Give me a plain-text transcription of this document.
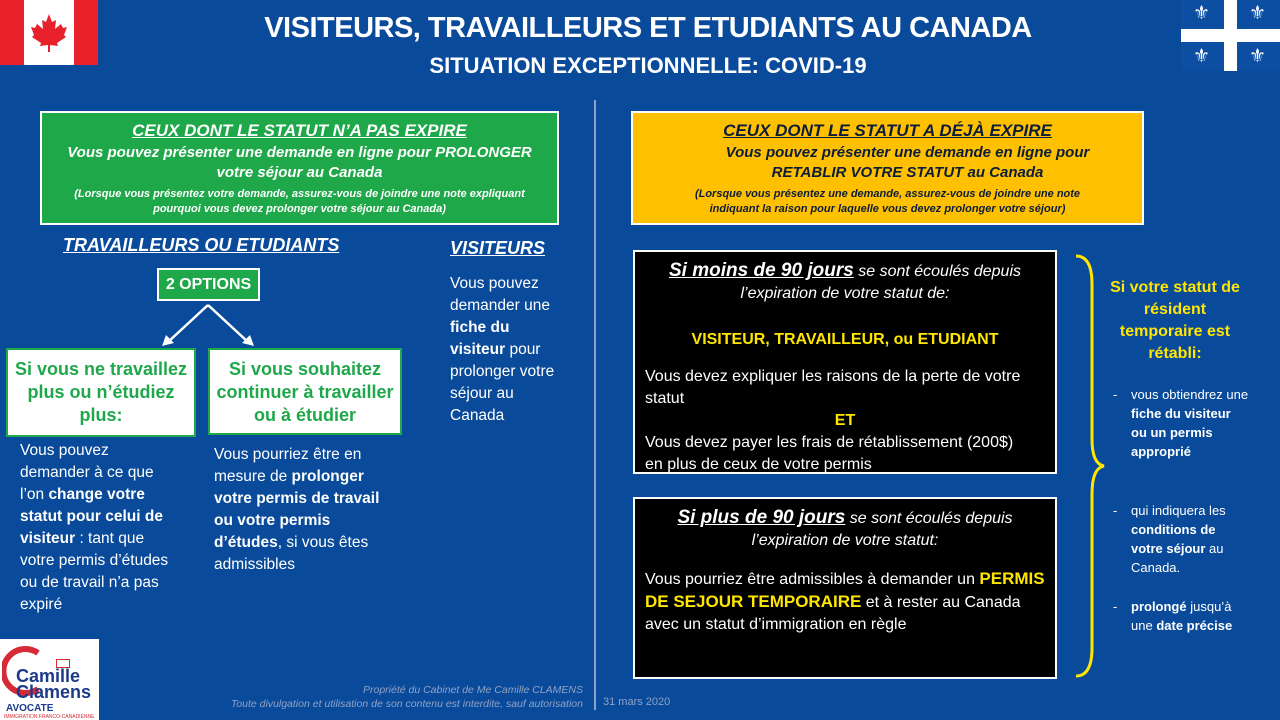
⚜ ⚜
⚜ ⚜
VISITEURS, TRAVAILLEURS ET ETUDIANTS AU CANADA
SITUATION EXCEPTIONNELLE: COVID-19
CEUX DONT LE STATUT N’A PAS EXPIRE
Vous pouvez présenter une demande en ligne pour PROLONGER votre séjour au Canada
(Lorsque vous présentez votre demande, assurez-vous de joindre une note expliquant pourquoi vous devez prolonger votre séjour au Canada)
TRAVAILLEURS OU ETUDIANTS
2 OPTIONS
Si vous ne travaillez plus ou n’étudiez plus:
Si vous souhaitez continuer à travailler ou à étudier
Vous pouvez demander à ce que l’on change votre statut pour celui de visiteur : tant que votre permis d’études ou de travail n’a pas expiré
Vous pourriez être en mesure de prolonger votre permis de travail ou votre permis d’études, si vous êtes admissibles
VISITEURS
Vous pouvez demander une fiche du visiteur pour prolonger votre séjour au Canada
CEUX DONT LE STATUT A DÉJÀ EXPIRE
Vous pouvez présenter une demande en ligne pour RETABLIR VOTRE STATUT au Canada
(Lorsque vous présentez une demande, assurez-vous de joindre une note indiquant la raison pour laquelle vous devez prolonger votre séjour)
Si moins de 90 jours se sont écoulés depuis l’expiration de votre statut de:
VISITEUR, TRAVAILLEUR, ou ETUDIANT
Vous devez expliquer les raisons de la perte de votre statut
ET
Vous devez payer les frais de rétablissement (200$) en plus de ceux de votre permis
Si plus de 90 jours se sont écoulés depuis l’expiration de votre statut:
Vous pourriez être admissibles à demander un PERMIS DE SEJOUR TEMPORAIRE et à rester au Canada avec un statut d’immigration en règle
Si votre statut de résident temporaire est rétabli:
- vous obtiendrez une fiche du visiteur ou un permis approprié
- qui indiquera les conditions de votre séjour au Canada.
- prolongé jusqu’à une date précise
Propriété du Cabinet de Me Camille CLAMENS
Toute divulgation et utilisation de son contenu est interdite, sauf autorisation 31 mars 2020
Camille
Clamens
AVOCATE
IMMIGRATION FRANCO-CANADIENNE
